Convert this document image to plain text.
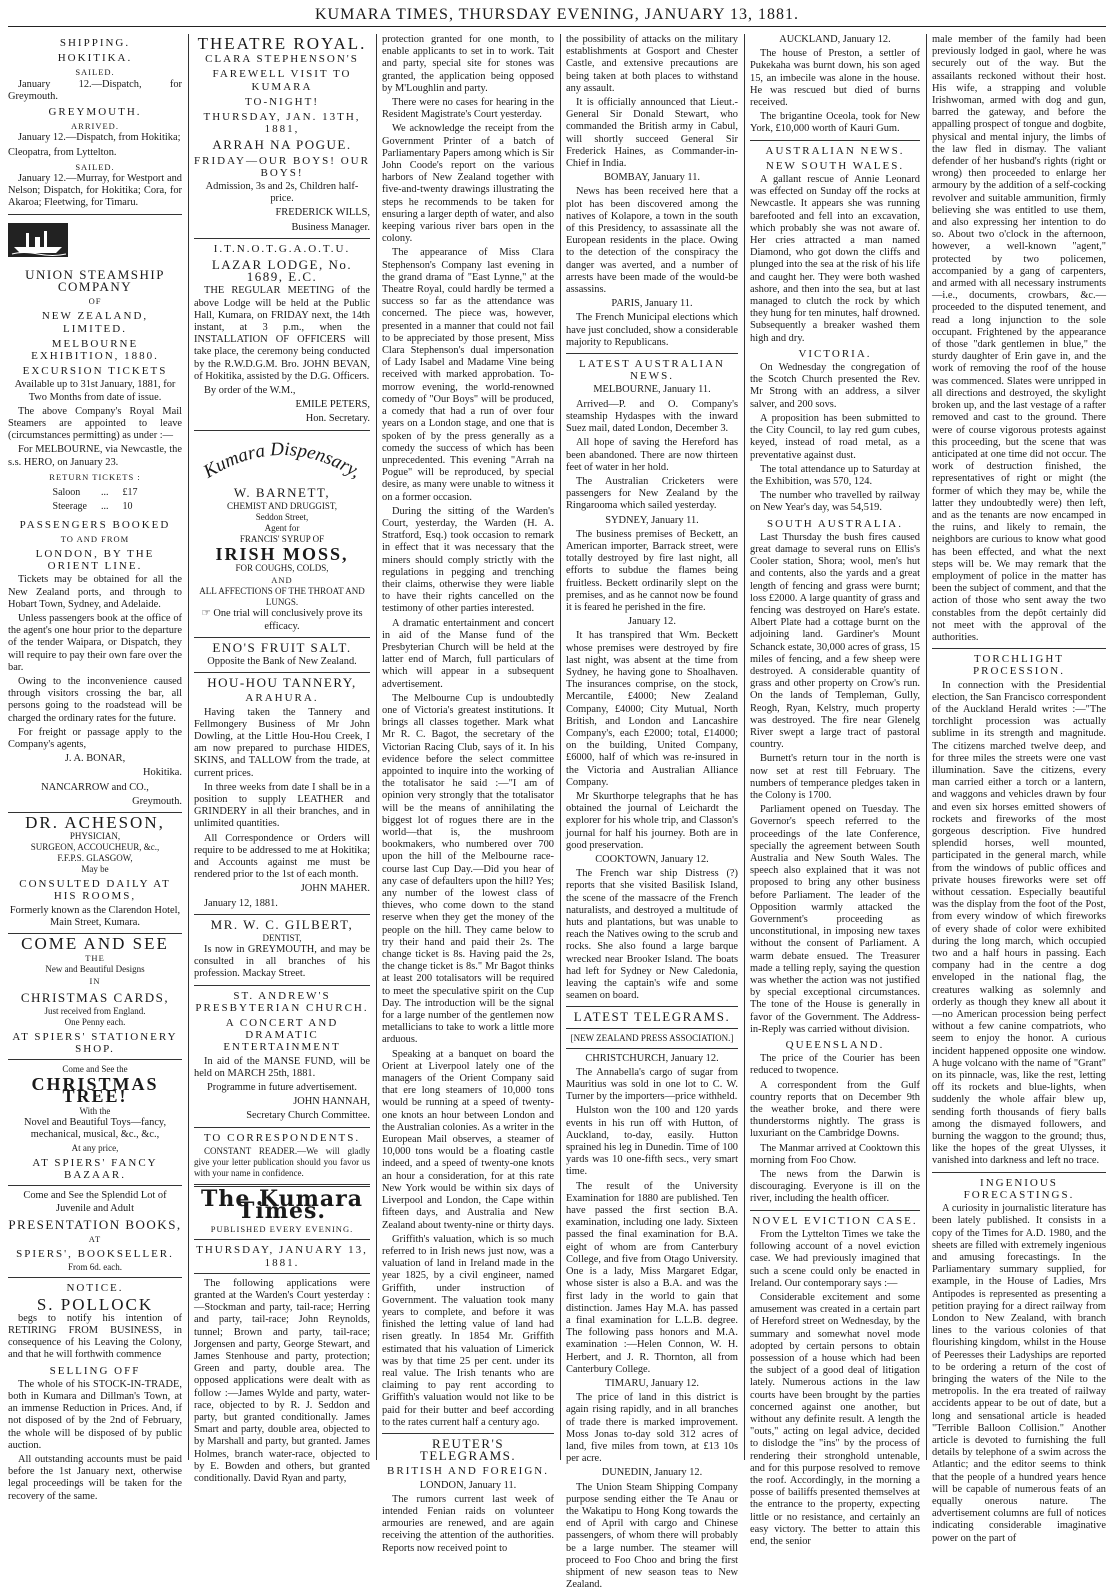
KUMARA TIMES, THURSDAY EVENING, JANUARY 13, 1881.
SHIPPING.
HOKITIKA.
SAILED.

January 12.—Dispatch, for Greymouth.

GREYMOUTH.
ARRIVED.

January 12.—Dispatch, from Hokitika;

Cleopatra, from Lyttelton.

SAILED.

January 12.—Murray, for Westport and Nelson; Dispatch, for Hokitika; Cora, for Akaroa; Fleetwing, for Timaru.

UNION STEAMSHIP COMPANY
OF
NEW ZEALAND, LIMITED.
MELBOURNE EXHIBITION, 1880.
EXCURSION TICKETS

Available up to 31st January, 1881, for Two Months from date of issue.

The above Company's Royal Mail Steamers are appointed to leave (circumstances permitting) as under :—

For MELBOURNE, via Newcastle, the s.s. HERO, on January 23.

RETURN TICKETS :
Saloon	...	£17
Steerage	...	10
PASSENGERS BOOKED
TO AND FROM
LONDON, BY THE ORIENT LINE.

Tickets may be obtained for all the New Zealand ports, and through to Hobart Town, Sydney, and Adelaide.

Unless passengers book at the office of the agent's one hour prior to the departure of the tender Waipara, or Dispatch, they will require to pay their own fare over the bar.

Owing to the inconvenience caused through visitors crossing the bar, all persons going to the roadstead will be charged the ordinary rates for the future.

For freight or passage apply to the Company's agents,

J. A. BONAR,

Hokitika.

NANCARROW and CO.,

Greymouth.

DR. ACHESON,
PHYSICIAN,
SURGEON, ACCOUCHEUR, &c.,
F.F.P.S. GLASGOW,
May be
CONSULTED DAILY AT HIS ROOMS,

Formerly known as the Clarendon Hotel, Main Street, Kumara.

COME AND SEE
THE
New and Beautiful Designs
IN
CHRISTMAS CARDS,
Just received from England.
One Penny each.
AT SPIERS' STATIONERY SHOP.
Come and See the
CHRISTMAS TREE!
With the

Novel and Beautiful Toys—fancy, mechanical, musical, &c., &c.,

At any price,
AT SPIERS' FANCY BAZAAR.

Come and See the Splendid Lot of Juvenile and Adult

PRESENTATION BOOKS,
AT
SPIERS', BOOKSELLER.
From 6d. each.
NOTICE.
S. POLLOCK

begs to notify his intention of RETIRING FROM BUSINESS, in consequence of his Leaving the Colony, and that he will forthwith commence

SELLING OFF

The whole of his STOCK-IN-TRADE, both in Kumara and Dillman's Town, at an immense Reduction in Prices. And, if not disposed of by the 2nd of February, the whole will be disposed of by public auction.

All outstanding accounts must be paid before the 1st January next, otherwise legal proceedings will be taken for the recovery of the same.

THEATRE ROYAL.
CLARA STEPHENSON'S
FAREWELL VISIT TO KUMARA
TO-NIGHT!
THURSDAY, JAN. 13TH, 1881,
ARRAH NA POGUE.
FRIDAY—OUR BOYS! OUR BOYS!

Admission, 3s and 2s, Children half-price.

FREDERICK WILLS,

Business Manager.

I.T.N.O.T.G.A.O.T.U.
LAZAR LODGE, No. 1689, E.C.

THE REGULAR MEETING of the above Lodge will be held at the Public Hall, Kumara, on FRIDAY next, the 14th instant, at 3 p.m., when the INSTALLATION OF OFFICERS will take place, the ceremony being conducted by the R.W.D.G.M. Bro. JOHN BEVAN, of Hokitika, assisted by the D.G. Officers.

By order of the W.M.,

EMILE PETERS,

Hon. Secretary.

Kumara Dispensary,
W. BARNETT,
CHEMIST AND DRUGGIST,
Seddon Street,
Agent for
FRANCIS' SYRUP OF
IRISH MOSS,
FOR COUGHS, COLDS,
AND
ALL AFFECTIONS OF THE THROAT AND LUNGS.

☞ One trial will conclusively prove its efficacy.

ENO'S FRUIT SALT.

Opposite the Bank of New Zealand.

HOU-HOU TANNERY,
ARAHURA.

Having taken the Tannery and Fellmongery Business of Mr John Dowling, at the Little Hou-Hou Creek, I am now prepared to purchase HIDES, SKINS, and TALLOW from the trade, at current prices.

In three weeks from date I shall be in a position to supply LEATHER and GRINDERY in all their branches, and in unlimited quantities.

All Correspondence or Orders will require to be addressed to me at Hokitika; and Accounts against me must be rendered prior to the 1st of each month.

JOHN MAHER.

January 12, 1881.

MR. W. C. GILBERT,
DENTIST,

Is now in GREYMOUTH, and may be consulted in all branches of his profession. Mackay Street.

ST. ANDREW'S PRESBYTERIAN CHURCH.
A CONCERT AND DRAMATIC ENTERTAINMENT

In aid of the MANSE FUND, will be held on MARCH 25th, 1881.

Programme in future advertisement.

JOHN HANNAH,

Secretary Church Committee.

TO CORRESPONDENTS.

CONSTANT READER.—We will gladly give your letter publication should you favor us with your name in confidence.

The Kumara Times.
PUBLISHED EVERY EVENING.
THURSDAY, JANUARY 13, 1881.

The following applications were granted at the Warden's Court yesterday :—Stockman and party, tail-race; Herring and party, tail-race; John Reynolds, tunnel; Brown and party, tail-race; Jorgensen and party, George Stewart, and James Stenhouse and party, protection; Green and party, double area. The opposed applications were dealt with as follow :—James Wylde and party, water-race, objected to by R. J. Seddon and party, but granted conditionally. James Smart and party, double area, objected to by Marshall and party, but granted. James Holmes, branch water-race, objected to by E. Bowden and others, but granted conditionally. David Ryan and party,

protection granted for one month, to enable applicants to set in to work. Tait and party, special site for stones was granted, the application being opposed by M'Loughlin and party.

There were no cases for hearing in the Resident Magistrate's Court yesterday.

We acknowledge the receipt from the Government Printer of a batch of Parliamentary Papers among which is Sir John Coode's report on the various harbors of New Zealand together with five-and-twenty drawings illustrating the steps he recommends to be taken for ensuring a larger depth of water, and also keeping various river bars open in the colony.

The appearance of Miss Clara Stephenson's Company last evening in the grand drama of "East Lynne," at the Theatre Royal, could hardly be termed a success so far as the attendance was concerned. The piece was, however, presented in a manner that could not fail to be appreciated by those present, Miss Clara Stephenson's dual impersonation of Lady Isabel and Madame Vine being received with marked approbation. To-morrow evening, the world-renowned comedy of "Our Boys" will be produced, a comedy that had a run of over four years on a London stage, and one that is spoken of by the press generally as a comedy the success of which has been unprecedented. This evening "Arrah na Pogue" will be reproduced, by special desire, as many were unable to witness it on a former occasion.

During the sitting of the Warden's Court, yesterday, the Warden (H. A. Stratford, Esq.) took occasion to remark in effect that it was necessary that the miners should comply strictly with the regulations in pegging and trenching their claims, otherwise they were liable to have their rights cancelled on the testimony of other parties interested.

A dramatic entertainment and concert in aid of the Manse fund of the Presbyterian Church will be held at the latter end of March, full particulars of which will appear in a subsequent advertisement.

The Melbourne Cup is undoubtedly one of Victoria's greatest institutions. It brings all classes together. Mark what Mr R. C. Bagot, the secretary of the Victorian Racing Club, says of it. In his evidence before the select committee appointed to inquire into the working of the totalisator he said :—"I am of opinion very strongly that the totalisator will be the means of annihilating the biggest lot of rogues there are in the world—that is, the mushroom bookmakers, who numbered over 700 upon the hill of the Melbourne race-course last Cup Day.—Did you hear of any case of defaulters upon the hill? Yes; any number of the lowest class of thieves, who come down to the stand reserve when they get the money of the people on the hill. They came below to try their hand and paid their 2s. The change ticket is 8s. Having paid the 2s, the change ticket is 8s." Mr Bagot thinks at least 200 totalisators will be required to meet the speculative spirit on the Cup Day. The introduction will be the signal for a large number of the gentlemen now metallicians to take to work a little more arduous.

Speaking at a banquet on board the Orient at Liverpool lately one of the managers of the Orient Company said that ere long steamers of 10,000 tons would be running at a speed of twenty-one knots an hour between London and the Australian colonies. As a writer in the European Mail observes, a steamer of 10,000 tons would be a floating castle indeed, and a speed of twenty-one knots an hour a consideration, for at this rate New York would be within six days of Liverpool and London, the Cape within fifteen days, and Australia and New Zealand about twenty-nine or thirty days.

Griffith's valuation, which is so much referred to in Irish news just now, was a valuation of land in Ireland made in the year 1825, by a civil engineer, named Griffith, under instruction of Government. The valuation took many years to complete, and before it was finished the letting value of land had risen greatly. In 1854 Mr. Griffith estimated that his valuation of Limerick was by that time 25 per cent. under its real value. The Irish tenants who are claiming to pay rent according to Griffith's valuation would not like to be paid for their butter and beef according to the rates current half a century ago.

REUTER'S TELEGRAMS.
BRITISH AND FOREIGN.

LONDON, January 11.

The rumors current last week of intended Fenian raids on volunteer armouries are renewed, and are again receiving the attention of the authorities. Reports now received point to

the possibility of attacks on the military establishments at Gosport and Chester Castle, and extensive precautions are being taken at both places to withstand any assault.

It is officially announced that Lieut.-General Sir Donald Stewart, who commanded the British army in Cabul, will shortly succeed General Sir Frederick Haines, as Commander-in-Chief in India.

BOMBAY, January 11.

News has been received here that a plot has been discovered among the natives of Kolapore, a town in the south of this Presidency, to assassinate all the European residents in the place. Owing to the detection of the conspiracy the danger was averted, and a number of arrests have been made of the would-be assassins.

PARIS, January 11.

The French Municipal elections which have just concluded, show a considerable majority to Republicans.

LATEST AUSTRALIAN NEWS.

MELBOURNE, January 11.

Arrived—P. and O. Company's steamship Hydaspes with the inward Suez mail, dated London, December 3.

All hope of saving the Hereford has been abandoned. There are now thirteen feet of water in her hold.

The Australian Cricketers were passengers for New Zealand by the Ringarooma which sailed yesterday.

SYDNEY, January 11.

The business premises of Beckett, an American importer, Barrack street, were totally destroyed by fire last night, all efforts to subdue the flames being fruitless. Beckett ordinarily slept on the premises, and as he cannot now be found it is feared he perished in the fire.

January 12.

It has transpired that Wm. Beckett whose premises were destroyed by fire last night, was absent at the time from Sydney, he having gone to Shoalhaven. The insurances comprise, on the stock, Mercantile, £4000; New Zealand Company, £4000; City Mutual, North British, and London and Lancashire Company's, each £2000; total, £14000; on the building, United Company, £6000, half of which was re-insured in the Victoria and Australian Alliance Company.

Mr Skurthorpe telegraphs that he has obtained the journal of Leichardt the explorer for his whole trip, and Classon's journal for half his journey. Both are in good preservation.

COOKTOWN, January 12.

The French war ship Distress (?) reports that she visited Basilisk Island, the scene of the massacre of the French naturalists, and destroyed a multitude of huts and plantations, but was unable to reach the Natives owing to the scrub and rocks. She also found a large barque wrecked near Brooker Island. The boats had left for Sydney or New Caledonia, leaving the captain's wife and some seamen on board.

LATEST TELEGRAMS.
[NEW ZEALAND PRESS ASSOCIATION.]

CHRISTCHURCH, January 12.

The Annabella's cargo of sugar from Mauritius was sold in one lot to C. W. Turner by the importers—price withheld.

Hulston won the 100 and 120 yards events in his run off with Hutton, of Auckland, to-day, easily. Hutton sprained his leg in Dunedin. Time of 100 yards was 10 one-fifth secs., very smart time.

The result of the University Examination for 1880 are published. Ten have passed the first section B.A. examination, including one lady. Sixteen passed the final examination for B.A. eight of whom are from Canterbury College, and five from Otago University. One is a lady, Miss Margaret Edgar, whose sister is also a B.A. and was the first lady in the world to gain that distinction. James Hay M.A. has passed a final examination for L.L.B. degree. The following pass honors and M.A. examination :—Helen Connon, W. H. Herbert, and J. R. Thornton, all from Canterbury College.

TIMARU, January 12.

The price of land in this district is again rising rapidly, and in all branches of trade there is marked improvement. Moss Jonas to-day sold 312 acres of land, five miles from town, at £13 10s per acre.

DUNEDIN, January 12.

The Union Steam Shipping Company purpose sending either the Te Anau or the Wakatipu to Hong Kong towards the end of April with cargo and Chinese passengers, of whom there will probably be a large number. The steamer will proceed to Foo Choo and bring the first shipment of new season teas to New Zealand.

AUCKLAND, January 12.

The house of Preston, a settler of Pukekaha was burnt down, his son aged 15, an imbecile was alone in the house. He was rescued but died of burns received.

The brigantine Oceola, took for New York, £10,000 worth of Kauri Gum.

AUSTRALIAN NEWS.
NEW SOUTH WALES.

A gallant rescue of Annie Leonard was effected on Sunday off the rocks at Newcastle. It appears she was running barefooted and fell into an excavation, which probably she was not aware of. Her cries attracted a man named Diamond, who got down the cliffs and plunged into the sea at the risk of his life and caught her. They were both washed ashore, and then into the sea, but at last managed to clutch the rock by which they hung for ten minutes, half drowned. Subsequently a breaker washed them high and dry.

VICTORIA.

On Wednesday the congregation of the Scotch Church presented the Rev. Mr Strong with an address, a silver salver, and 200 sovs.

A proposition has been submitted to the City Council, to lay red gum cubes, keyed, instead of road metal, as a preventative against dust.

The total attendance up to Saturday at the Exhibition, was 570, 124.

The number who travelled by railway on New Year's day, was 54,519.

SOUTH AUSTRALIA.

Last Thursday the bush fires caused great damage to several runs on Ellis's Cooler station, Shora; wool, men's hut and contents, also the yards and a great length of fencing and grass were burnt; loss £2000. A large quantity of grass and fencing was destroyed on Hare's estate. Albert Plate had a cottage burnt on the adjoining land. Gardiner's Mount Schanck estate, 30,000 acres of grass, 15 miles of fencing, and a few sheep were destroyed. A considerable quantity of grass and other property on Crow's run. On the lands of Templeman, Gully, Reogh, Ryan, Kelstry, much property was destroyed. The fire near Glenelg River swept a large tract of pastoral country.

Burnett's return tour in the north is now set at rest till February. The numbers of temperance pledges taken in the Colony is 1700.

Parliament opened on Tuesday. The Governor's speech referred to the proceedings of the late Conference, specially the agreement between South Australia and New South Wales. The speech also explained that it was not proposed to bring any other business before Parliament. The leader of the Opposition warmly attacked the Government's proceeding as unconstitutional, in imposing new taxes without the consent of Parliament. A warm debate ensued. The Treasurer made a telling reply, saying the question was whether the action was not justified by special exceptional circumstances. The tone of the House is generally in favor of the Government. The Address-in-Reply was carried without division.

QUEENSLAND.

The price of the Courier has been reduced to twopence.

A correspondent from the Gulf country reports that on December 9th the weather broke, and there were thunderstorms nightly. The grass is luxuriant on the Cambridge Downs.

The Manmar arrived at Cooktown this morning from Foo Chow.

The news from the Darwin is discouraging. Everyone is ill on the river, including the health officer.

NOVEL EVICTION CASE.

From the Lyttelton Times we take the following account of a novel eviction case. We had previously imagined that such a scene could only be enacted in Ireland. Our contemporary says :—

Considerable excitement and some amusement was created in a certain part of Hereford street on Wednesday, by the summary and somewhat novel mode adopted by certain persons to obtain possession of a house which had been the subject of a good deal of litigation lately. Numerous actions in the law courts have been brought by the parties concerned against one another, but without any definite result. A length the "outs," acting on legal advice, decided to dislodge the "ins" by the process of rendering their stronghold untenable, and for this purpose resolved to remove the roof. Accordingly, in the morning a posse of bailiffs presented themselves at the entrance to the property, expecting little or no resistance, and certainly an easy victory. The better to attain this end, the senior

male member of the family had been previously lodged in gaol, where he was securely out of the way. But the assailants reckoned without their host. His wife, a strapping and voluble Irishwoman, armed with dog and gun, barred the gateway, and before the appalling prospect of tongue and dogbite, physical and mental injury, the limbs of the law fled in dismay. The valiant defender of her husband's rights (right or wrong) then proceeded to enlarge her armoury by the addition of a self-cocking revolver and suitable ammunition, firmly believing she was entitled to use them, and also expressing her intention to do so. About two o'clock in the afternoon, however, a well-known "agent," protected by two policemen, accompanied by a gang of carpenters, and armed with all necessary instruments—i.e., documents, crowbars, &c.—proceeded to the disputed tenement, and read a long injunction to the sole occupant. Frightened by the appearance of those "dark gentlemen in blue," the sturdy daughter of Erin gave in, and the work of removing the roof of the house was commenced. Slates were unripped in all directions and destroyed, the skylight broken up, and the last vestage of a rafter removed and cast to the ground. There were of course vigorous protests against this proceeding, but the scene that was anticipated at one time did not occur. The work of destruction finished, the representatives of right or might (the former of which they may be, while the latter they undoubtedly were) then left, and as the tenants are now encamped in the ruins, and likely to remain, the neighbors are curious to know what good has been effected, and what the next steps will be. We may remark that the employment of police in the matter has been the subject of comment, and that the action of those who sent away the two constables from the depôt certainly did not meet with the approval of the authorities.

TORCHLIGHT PROCESSION.

In connection with the Presidential election, the San Francisco correspondent of the Auckland Herald writes :—"The torchlight procession was actually sublime in its strength and magnitude. The citizens marched twelve deep, and for three miles the streets were one vast illumination. Save the citizens, every man carried either a torch or a lantern, and waggons and vehicles drawn by four and even six horses emitted showers of rockets and fireworks of the most gorgeous description. Five hundred splendid horses, well mounted, participated in the general march, while from the windows of public offices and private houses fireworks were set off without cessation. Especially beautiful was the display from the foot of the Post, from every window of which fireworks of every shade of color were exhibited during the long march, which occupied two and a half hours in passing. Each company had in the centre a dog enveloped in the national flag, the creatures walking as solemnly and orderly as though they knew all about it—no American procession being perfect without a few canine compatriots, who seem to enjoy the honor. A curious incident happened opposite one window. A huge volcano with the name of "Grant" on its pinnacle, was, like the rest, letting off its rockets and blue-lights, when suddenly the whole affair blew up, sending forth thousands of fiery balls among the dismayed followers, and burning the waggon to the ground; thus, like the hopes of the great Ulysses, it vanished into darkness and left no trace.

INGENIOUS FORECASTINGS.

A curiosity in journalistic literature has been lately published. It consists in a copy of the Times for A.D. 1980, and the sheets are filled with extremely ingenious and amusing forecastings. In the Parliamentary summary supplied, for example, in the House of Ladies, Mrs Antipodes is represented as presenting a petition praying for a direct railway from London to New Zealand, with branch lines to the various colonies of that flourishing kingdom, whilst in the House of Peeresses their Ladyships are reported to be ordering a return of the cost of bringing the waters of the Nile to the metropolis. In the era treated of railway accidents appear to be out of date, but a long and sensational article is headed "Terrible Balloon Collision." Another article is devoted to furnishing the full details by telephone of a swim across the Atlantic; and the editor seems to think that the people of a hundred years hence will be capable of numerous feats of an equally onerous nature. The advertisement columns are full of notices indicating considerable imaginative power on the part of
